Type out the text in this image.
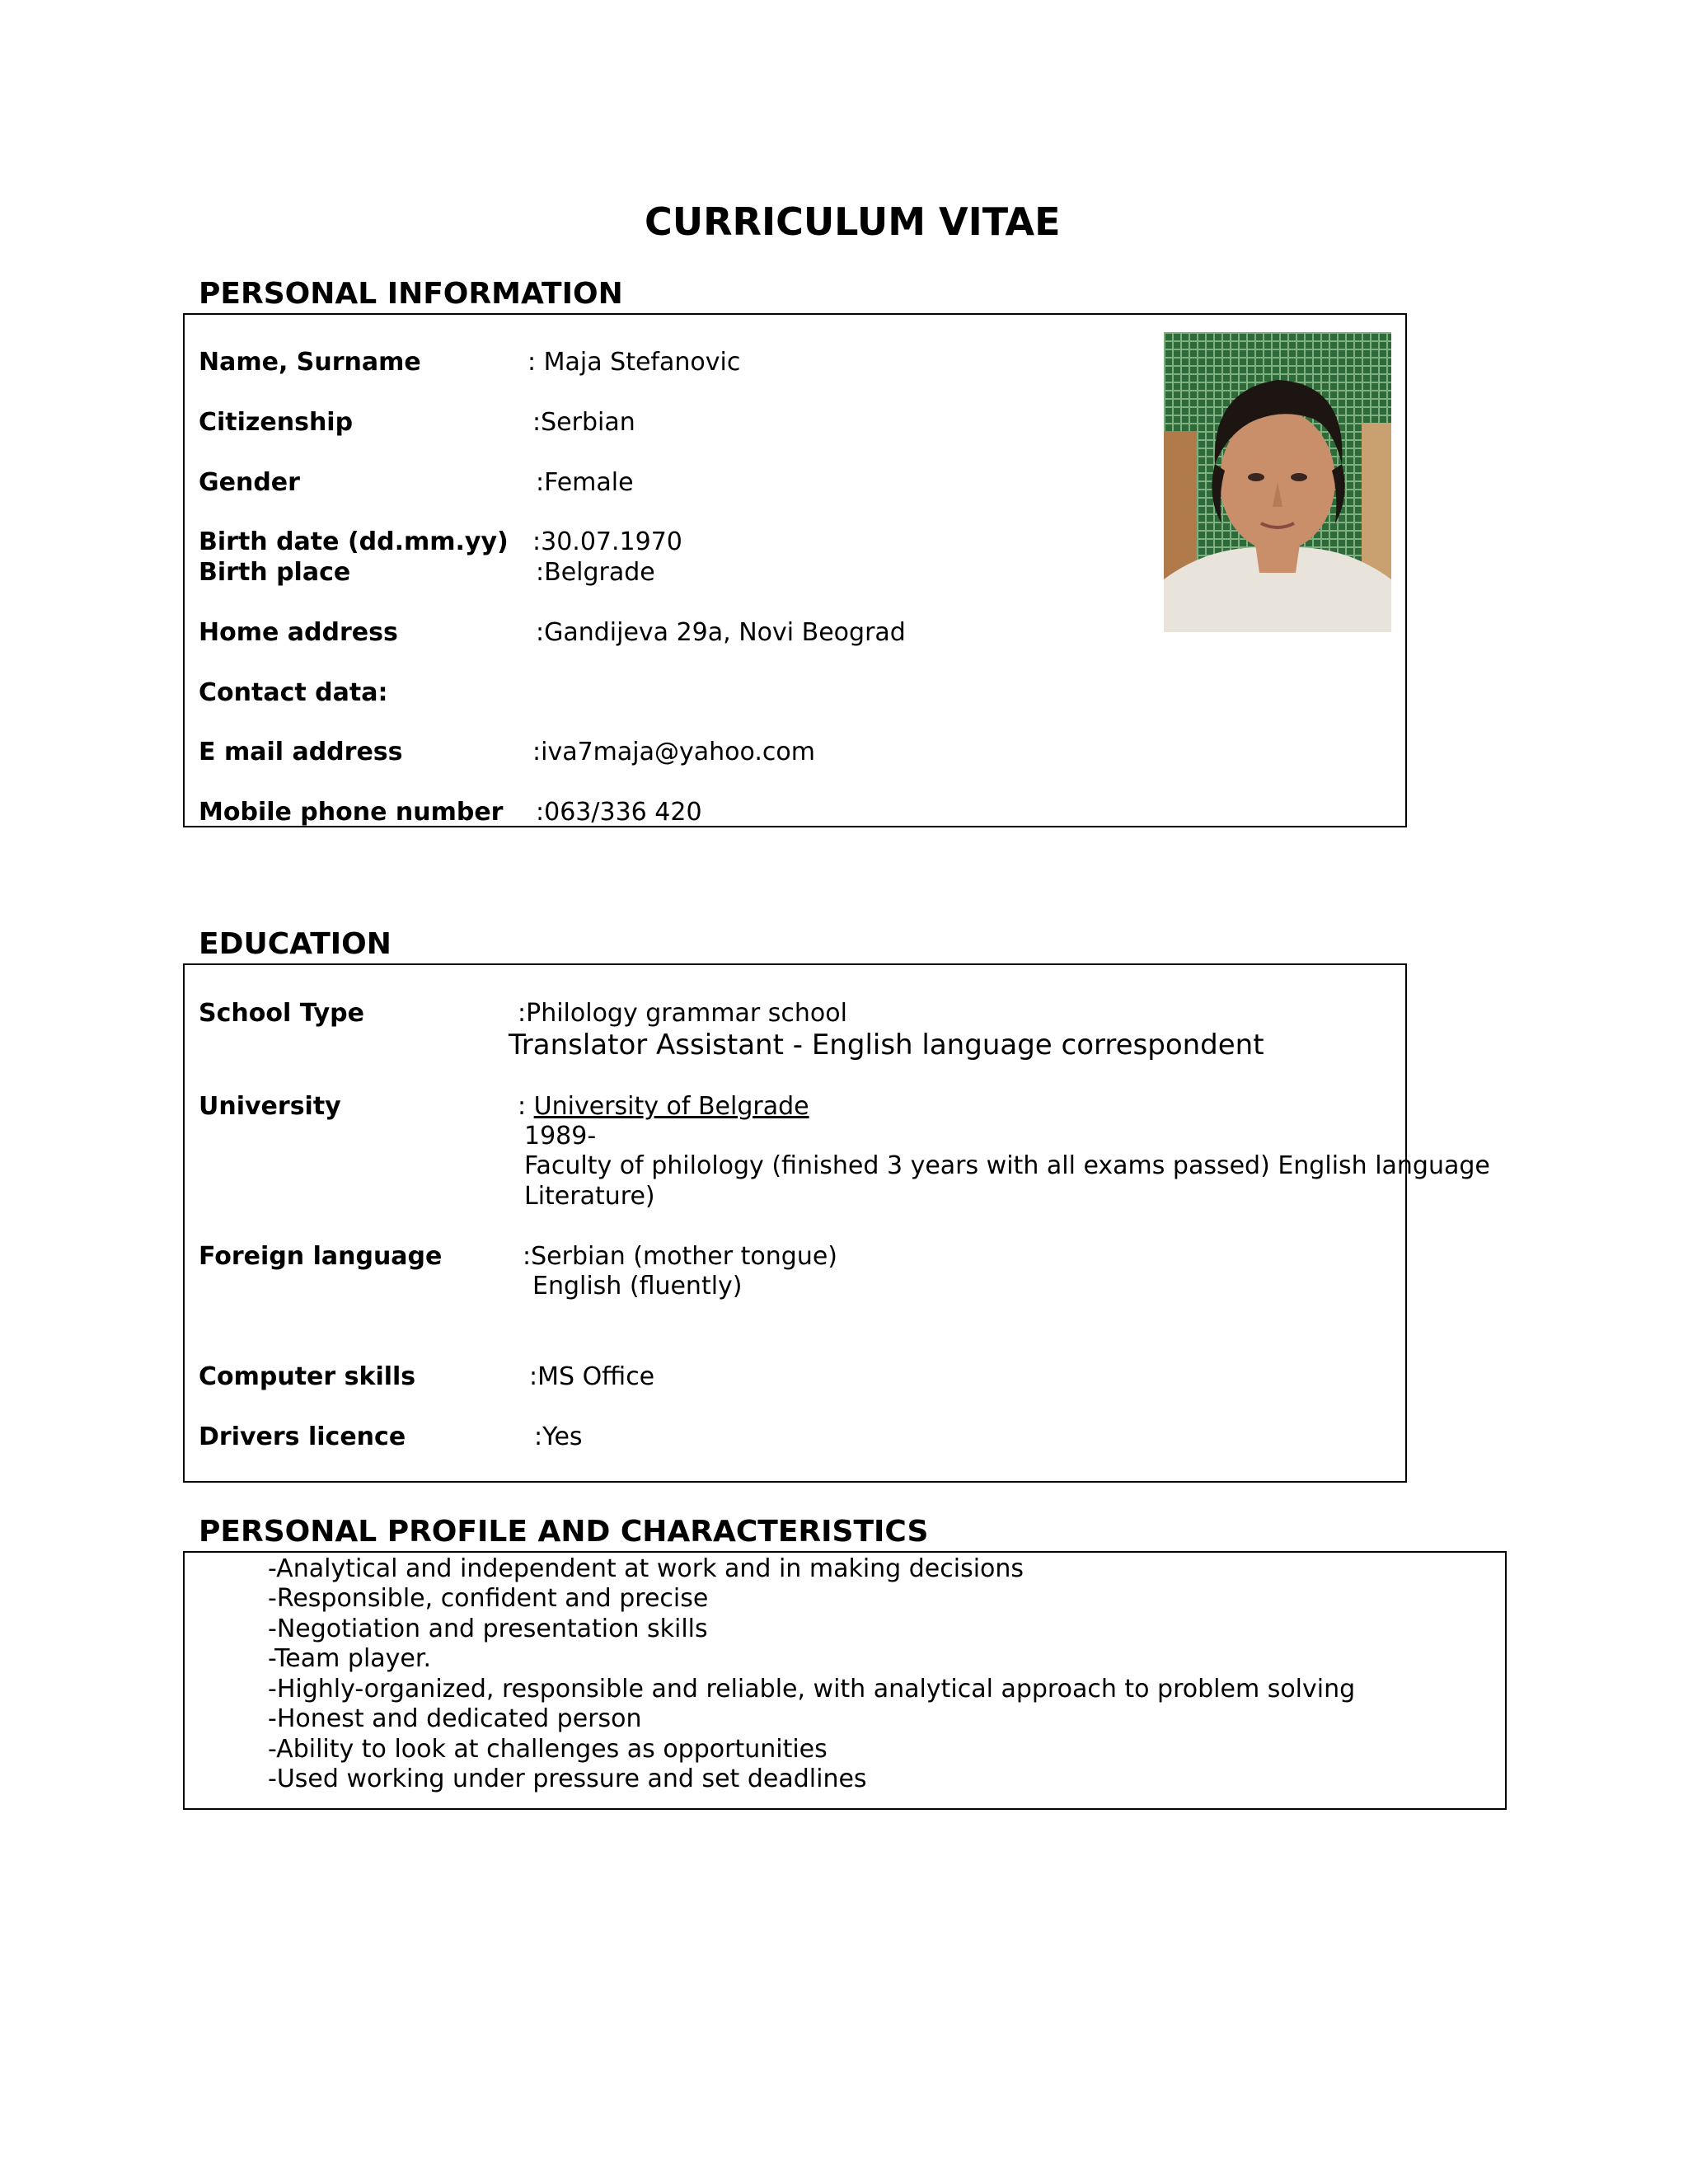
CURRICULUM VITAE
PERSONAL INFORMATION
Name, Surname	: Maja Stefanovic
Citizenship	:Serbian
Gender	:Female
Birth date (dd.mm.yy) :30.07.1970
Birth place	:Belgrade
Home address	:Gandijeva 29a, Novi Beograd
Contact data:
E mail address	:iva7maja@yahoo.com
Mobile phone number :063/336 420
EDUCATION
School Type	:Philology grammar school
Translator Assistant - English language correspondent
University	: University of Belgrade
1989-
Faculty of philology (finished 3 years with all exams passed) English language
Literature)
Foreign language	:Serbian (mother tongue)
English (fluently)
Computer skills	:MS Office
Drivers licence	:Yes
PERSONAL PROFILE AND CHARACTERISTICS
-Analytical and independent at work and in making decisions
-Responsible, confident and precise
-Negotiation and presentation skills
-Team player.
-Highly-organized, responsible and reliable, with analytical approach to problem solving
-Honest and dedicated person
-Ability to look at challenges as opportunities
-Used working under pressure and set deadlines
